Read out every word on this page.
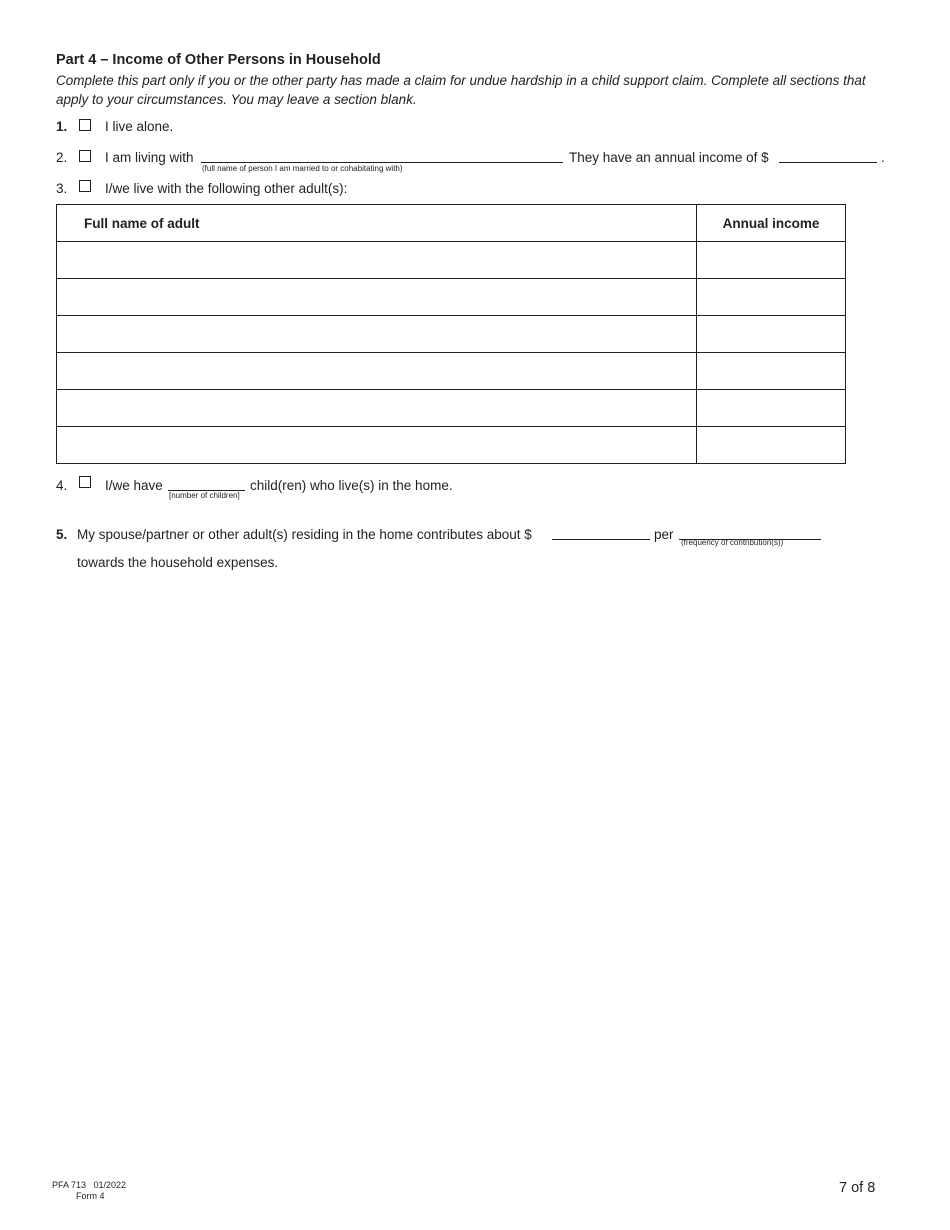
Part 4 – Income of Other Persons in Household
Complete this part only if you or the other party has made a claim for undue hardship in a child support claim. Complete all sections that apply to your circumstances. You may leave a section blank.
1.	I live alone.
2.	I am living with
(full name of person I am married to or cohabitating with)
They have an annual income of $	.
3.	I/we live with the following other adult(s):
Full name of adult	Annual income

4.	I/we have
[number of children]
child(ren) who live(s) in the home.
5. My spouse/partner or other adult(s) residing in the home contributes about $	per
(frequency of contribution(s))
towards the household expenses.
PFA 713   01/2022
Form 4	7 of 8
